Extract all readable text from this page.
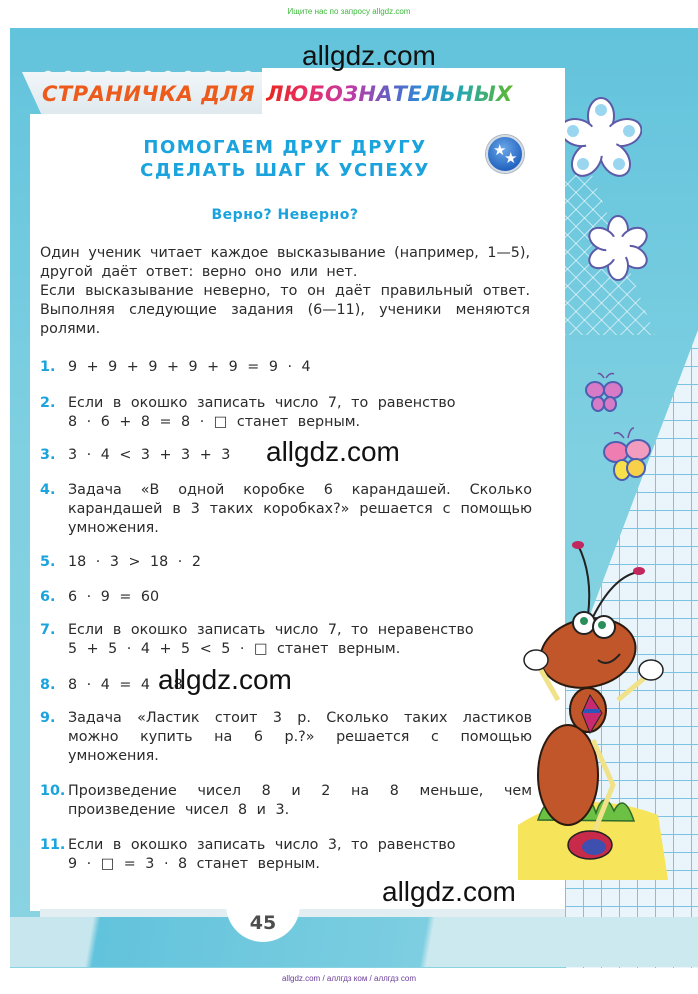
Ищите нас по запросу allgdz.com
СТРАНИЧКА ДЛЯ ЛЮБОЗНАТЕЛЬНЫХ
allgdz.com
ПОМОГАЕМ ДРУГ ДРУГУ
СДЕЛАТЬ ШАГ К УСПЕХУ
★
★
Верно? Неверно?

Один ученик читает каждое высказывание (например, 1—5), другой даёт ответ: верно оно или нет.

Если высказывание неверно, то он даёт правильный ответ. Выполняя следующие задания (6—11), ученики меняются ролями.

1. 9 + 9 + 9 + 9 + 9 = 9 · 4

2. Если в окошко записать число 7, то равенство

8 · 6 + 8 = 8 · □ станет верным.

3. 3 · 4 < 3 + 3 + 3

4. Задача «В одной коробке 6 карандашей. Сколько карандашей в 3 таких коробках?» решается с помощью умножения.

5. 18 · 3 > 18 · 2

6. 6 · 9 = 60

7. Если в окошко записать число 7, то неравенство

5 + 5 · 4 + 5 < 5 · □ станет верным.

8. 8 · 4 = 4 · 8

9. Задача «Ластик стоит 3 р. Сколько таких ластиков можно купить на 6 р.?» решается с помощью умножения.

10. Произведение чисел 8 и 2 на 8 меньше, чем произведение чисел 8 и 3.

11. Если в окошко записать число 3, то равенство

9 · □ = 3 · 8 станет верным.

allgdz.com
allgdz.com
allgdz.com
45
allgdz.com / аллгдз ком / аллгдз com
